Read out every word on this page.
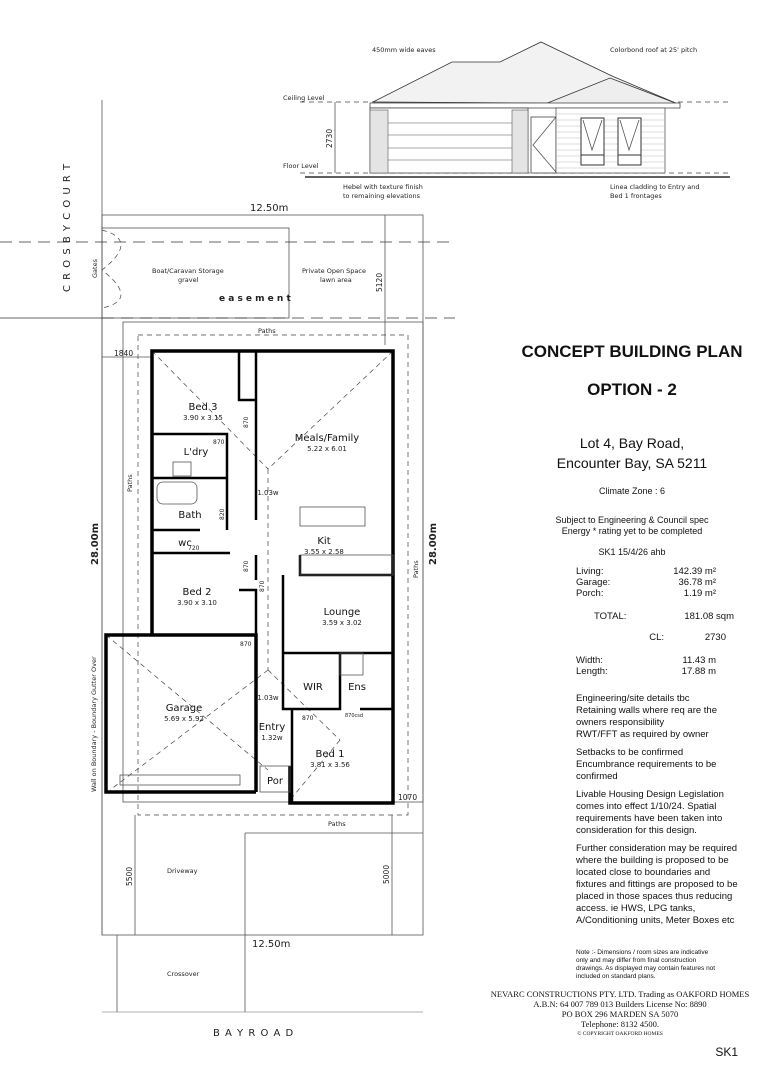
450mm wide eaves	Colorbond roof at 25' pitch
Ceiling Level
Floor Level
2730
Hebel with texture finish
to remaining elevations
Linea cladding to Entry and
Bed 1 frontages
C R O S B Y C O U R T
B A Y R O A D
12.50m
12.50m
28.00m	28.00m
Gates	Boat/Caravan Storage
gravel
Private Open Space
lawn area
e a s e m e n t
5120
1840
1070
Paths
Paths
Paths
Paths
Wall on Boundary - Boundary Gutter Over
Driveway
Crossover
5500	5000
Bed 3
3.90 x 3.15
L'dry
Bath
wc
Meals/Family
5.22 x 6.01
Kit
3.55 x 2.58
Bed 2
3.90 x 3.10
Lounge
3.59 x 3.02
Garage
5.69 x 5.92
WIR	Ens
Entry
1.32w
Bed 1
3.81 x 3.56
Por
1.03w
1.03w
870
870
820
720
870
870
870
870	870csd
CONCEPT BUILDING PLAN
OPTION - 2
Lot 4, Bay Road,
Encounter Bay, SA 5211
Climate Zone : 6
Subject to Engineering & Council spec
Energy * rating yet to be completed
SK1 15/4/26 ahb
Living:	142.39 m²
Garage:	36.78 m²
Porch:	1.19 m²
TOTAL:	181.08 sqm
CL:	2730
Width:	11.43 m
Length:	17.88 m

Engineering/site details tbc

Retaining walls where req are the owners responsibility

RWT/FFT as required by owner

Setbacks to be confirmed

Encumbrance requirements to be confirmed

Livable Housing Design Legislation comes into effect 1/10/24. Spatial requirements have been taken into consideration for this design.

Further consideration may be required where the building is proposed to be located close to boundaries and fixtures and fittings are proposed to be placed in those spaces thus reducing access. ie HWS, LPG tanks, A/Conditioning units, Meter Boxes etc

Note :- Dimensions / room sizes are indicative only and may differ from final construction drawings. As displayed may contain features not included on standard plans.

NEVARC CONSTRUCTIONS PTY. LTD. Trading as OAKFORD HOMES
A.B.N: 64 007 789 013 Builders License No: 8890
PO BOX 296 MARDEN SA 5070
Telephone: 8132 4500.
© COPYRIGHT OAKFORD HOMES
SK1
